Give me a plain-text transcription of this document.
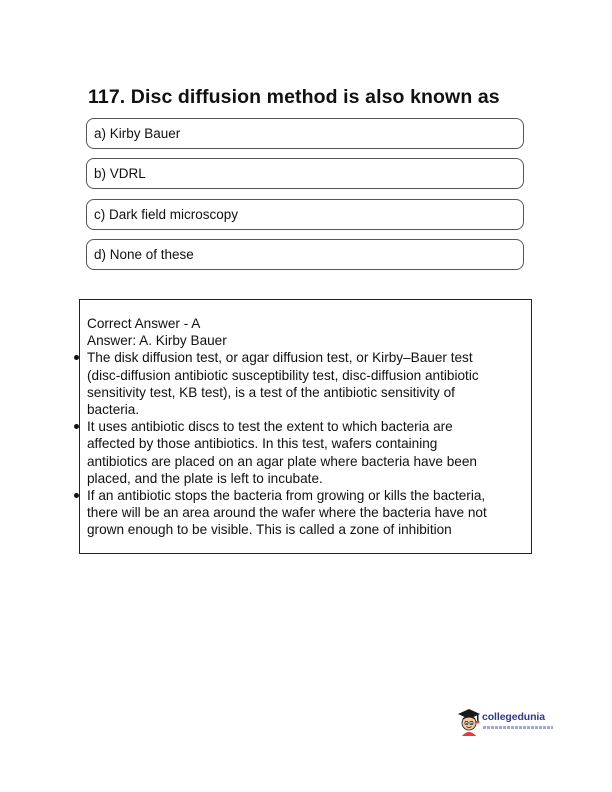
117. Disc diffusion method is also known as
a) Kirby Bauer
b) VDRL
c) Dark field microscopy
d) None of these
Correct Answer - A
Answer: A. Kirby Bauer
The disk diffusion test, or agar diffusion test, or Kirby–Bauer test
(disc-diffusion antibiotic susceptibility test, disc-diffusion antibiotic
sensitivity test, KB test), is a test of the antibiotic sensitivity of
bacteria.
It uses antibiotic discs to test the extent to which bacteria are
affected by those antibiotics. In this test, wafers containing
antibiotics are placed on an agar plate where bacteria have been
placed, and the plate is left to incubate.
If an antibiotic stops the bacteria from growing or kills the bacteria,
there will be an area around the wafer where the bacteria have not
grown enough to be visible. This is called a zone of inhibition
collegedunia
